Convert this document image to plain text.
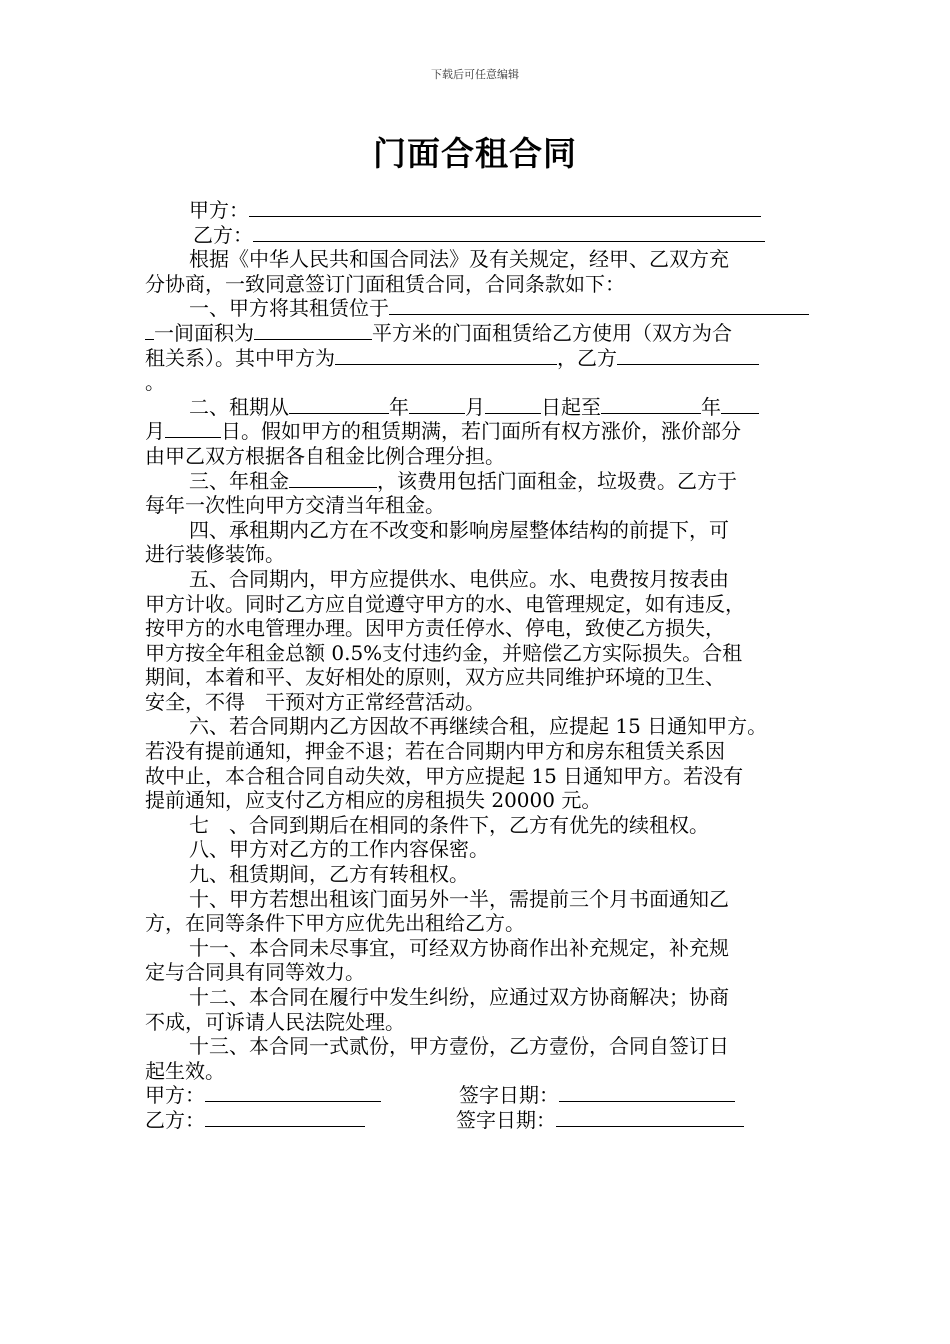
下载后可任意编辑
门面合租合同
甲方：
乙方：
根据《中华人民共和国合同法》及有关规定，经甲、乙双方充
分协商，一致同意签订门面租赁合同，合同条款如下：
一、甲方将其租赁位于
一间面积为	平方米的门面租赁给乙方使用（双方为合
租关系）。其中甲方为	，乙方
。
二、租期从	年	月	日起至	年
月	日。假如甲方的租赁期满，若门面所有权方涨价，涨价部分
由甲乙双方根据各自租金比例合理分担。
三、年租金	，该费用包括门面租金，垃圾费。乙方于
每年一次性向甲方交清当年租金。
四、承租期内乙方在不改变和影响房屋整体结构的前提下，可
进行装修装饰。
五、合同期内，甲方应提供水、电供应。水、电费按月按表由
甲方计收。同时乙方应自觉遵守甲方的水、电管理规定，如有违反，
按甲方的水电管理办理。因甲方责任停水、停电，致使乙方损失，
甲方按全年租金总额 0.5%支付违约金，并赔偿乙方实际损失。合租
期间，本着和平、友好相处的原则，双方应共同维护环境的卫生、
安全，不得　干预对方正常经营活动。
六、若合同期内乙方因故不再继续合租，应提起 15 日通知甲方。
若没有提前通知，押金不退；若在合同期内甲方和房东租赁关系因
故中止，本合租合同自动失效，甲方应提起 15 日通知甲方。若没有
提前通知，应支付乙方相应的房租损失 20000 元。
七　、合同到期后在相同的条件下，乙方有优先的续租权。
八、甲方对乙方的工作内容保密。
九、租赁期间，乙方有转租权。
十、甲方若想出租该门面另外一半，需提前三个月书面通知乙
方，在同等条件下甲方应优先出租给乙方。
十一、本合同未尽事宜，可经双方协商作出补充规定，补充规
定与合同具有同等效力。
十二、本合同在履行中发生纠纷，应通过双方协商解决；协商
不成，可诉请人民法院处理。
十三、本合同一式贰份，甲方壹份，乙方壹份，合同自签订日
起生效。
甲方：	签字日期：
乙方：	签字日期：
